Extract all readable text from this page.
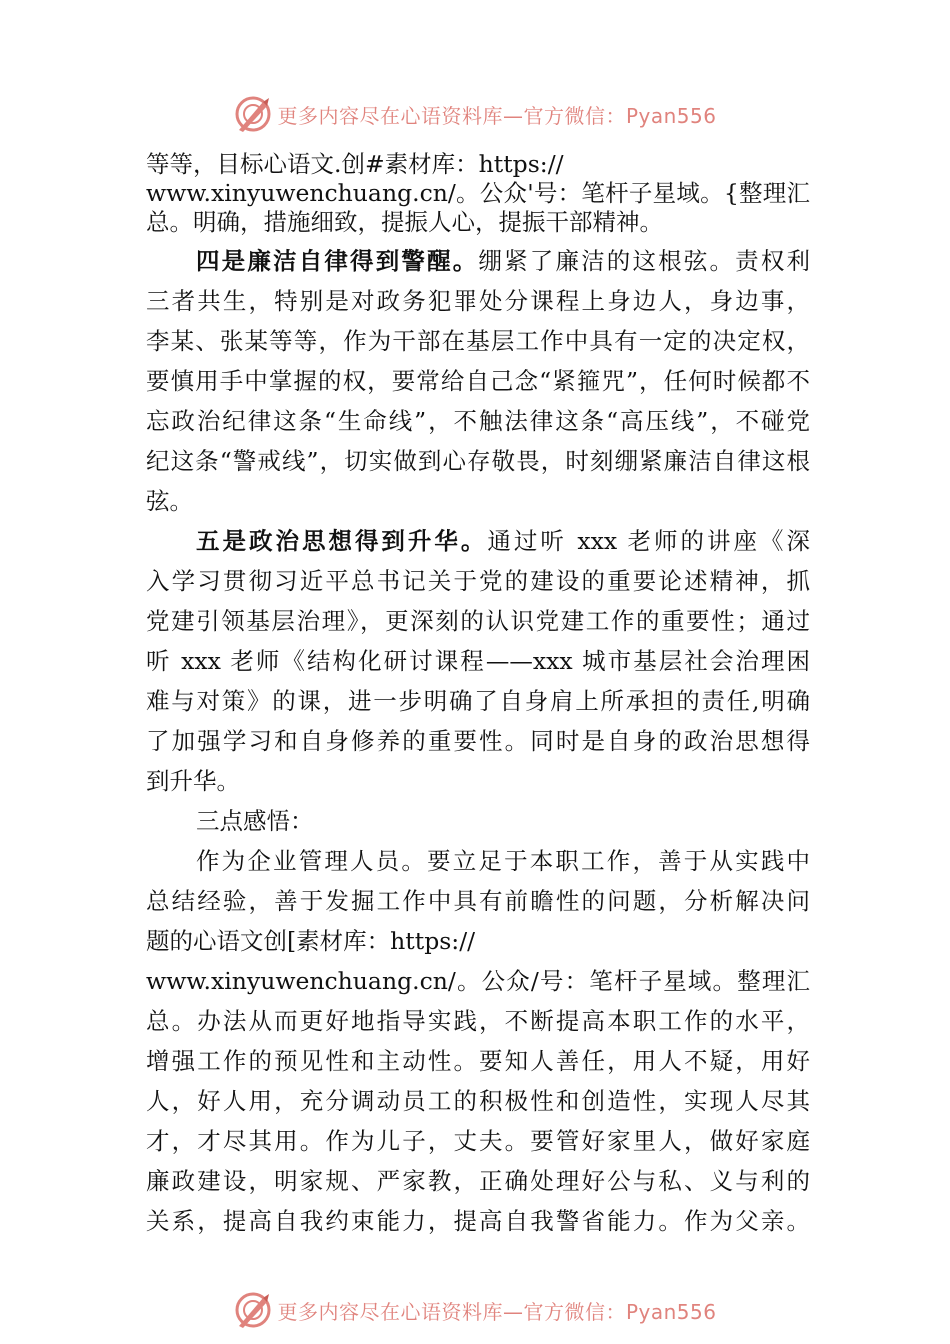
更多内容尽在心语资料库—官方微信：Pyan556
等等，目标心语文.创#素材库：https://
www.xinyuwenchuang.cn/。公众'号：笔杆子星域。{整理汇
总。明确，措施细致，提振人心，提振干部精神。
四是廉洁自律得到警醒。绷紧了廉洁的这根弦。责权利
三者共生，特别是对政务犯罪处分课程上身边人，身边事，
李某、张某等等，作为干部在基层工作中具有一定的决定权，
要慎用手中掌握的权，要常给自己念“紧箍咒”，任何时候都不
忘政治纪律这条“生命线”，不触法律这条“高压线”，不碰党
纪这条“警戒线”，切实做到心存敬畏，时刻绷紧廉洁自律这根
弦。
五是政治思想得到升华。通过听 xxx 老师的讲座《深
入学习贯彻习近平总书记关于党的建设的重要论述精神，抓
党建引领基层治理》，更深刻的认识党建工作的重要性；通过
听 xxx 老师《结构化研讨课程——xxx 城市基层社会治理困
难与对策》的课，进一步明确了自身肩上所承担的责任,明确
了加强学习和自身修养的重要性。同时是自身的政治思想得
到升华。
三点感悟：
作为企业管理人员。要立足于本职工作，善于从实践中
总结经验，善于发掘工作中具有前瞻性的问题，分析解决问
题的心语文创[素材库：https://
www.xinyuwenchuang.cn/。公众/号：笔杆子星域。整理汇
总。办法从而更好地指导实践，不断提高本职工作的水平，
增强工作的预见性和主动性。要知人善任，用人不疑，用好
人，好人用，充分调动员工的积极性和创造性，实现人尽其
才，才尽其用。作为儿子，丈夫。要管好家里人，做好家庭
廉政建设，明家规、严家教，正确处理好公与私、义与利的
关系，提高自我约束能力，提高自我警省能力。作为父亲。
更多内容尽在心语资料库—官方微信：Pyan556
